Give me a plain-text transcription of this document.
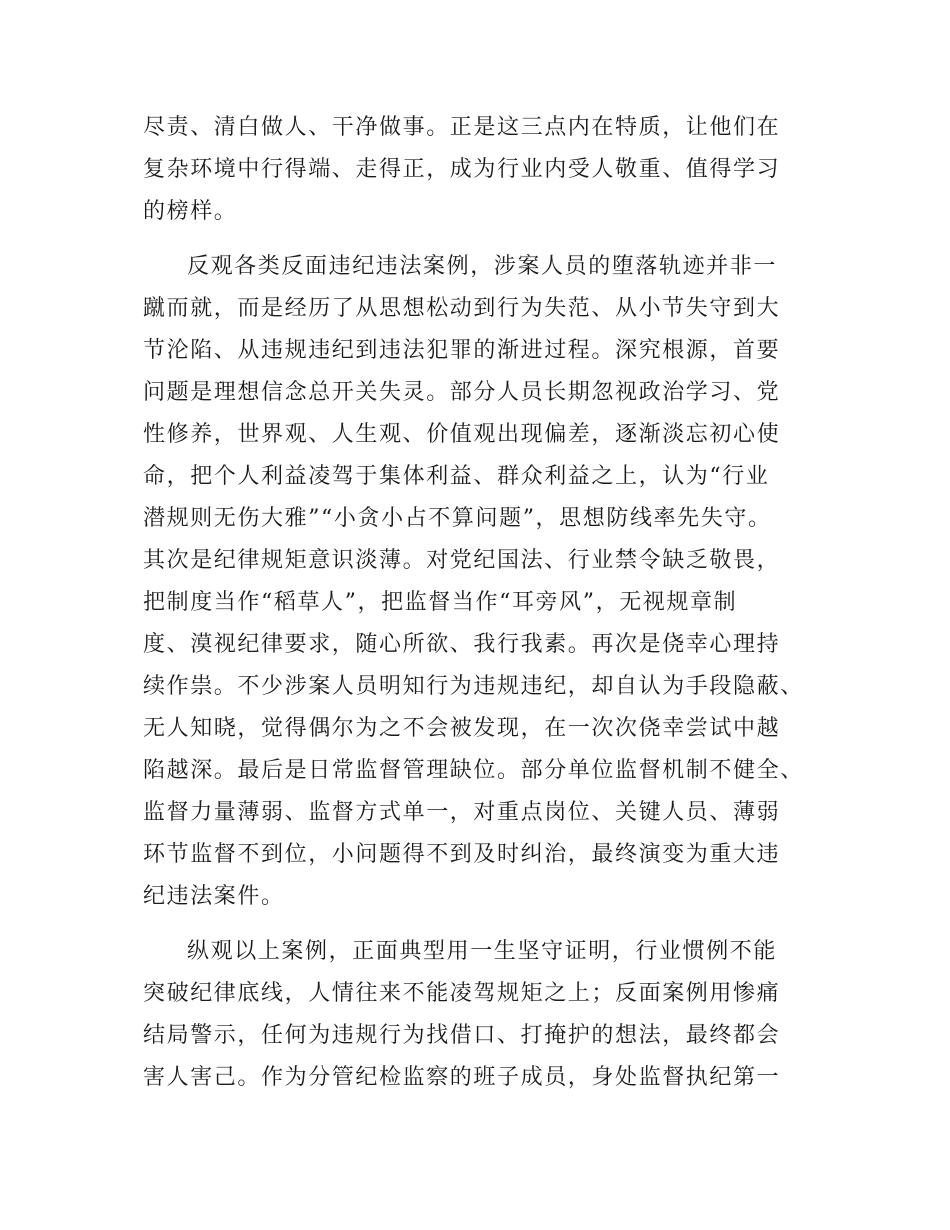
尽责、清白做人、干净做事。正是这三点内在特质，让他们在
复杂环境中行得端、走得正，成为行业内受人敬重、值得学习
的榜样。
反观各类反面违纪违法案例，涉案人员的堕落轨迹并非一
蹴而就，而是经历了从思想松动到行为失范、从小节失守到大
节沦陷、从违规违纪到违法犯罪的渐进过程。深究根源，首要
问题是理想信念总开关失灵。部分人员长期忽视政治学习、党
性修养，世界观、人生观、价值观出现偏差，逐渐淡忘初心使
命，把个人利益凌驾于集体利益、群众利益之上，认为“行业
潜规则无伤大雅”“小贪小占不算问题”，思想防线率先失守。
其次是纪律规矩意识淡薄。对党纪国法、行业禁令缺乏敬畏，
把制度当作“稻草人”，把监督当作“耳旁风”，无视规章制
度、漠视纪律要求，随心所欲、我行我素。再次是侥幸心理持
续作祟。不少涉案人员明知行为违规违纪，却自认为手段隐蔽、
无人知晓，觉得偶尔为之不会被发现，在一次次侥幸尝试中越
陷越深。最后是日常监督管理缺位。部分单位监督机制不健全、
监督力量薄弱、监督方式单一，对重点岗位、关键人员、薄弱
环节监督不到位，小问题得不到及时纠治，最终演变为重大违
纪违法案件。
纵观以上案例，正面典型用一生坚守证明，行业惯例不能
突破纪律底线，人情往来不能凌驾规矩之上；反面案例用惨痛
结局警示，任何为违规行为找借口、打掩护的想法，最终都会
害人害己。作为分管纪检监察的班子成员，身处监督执纪第一
